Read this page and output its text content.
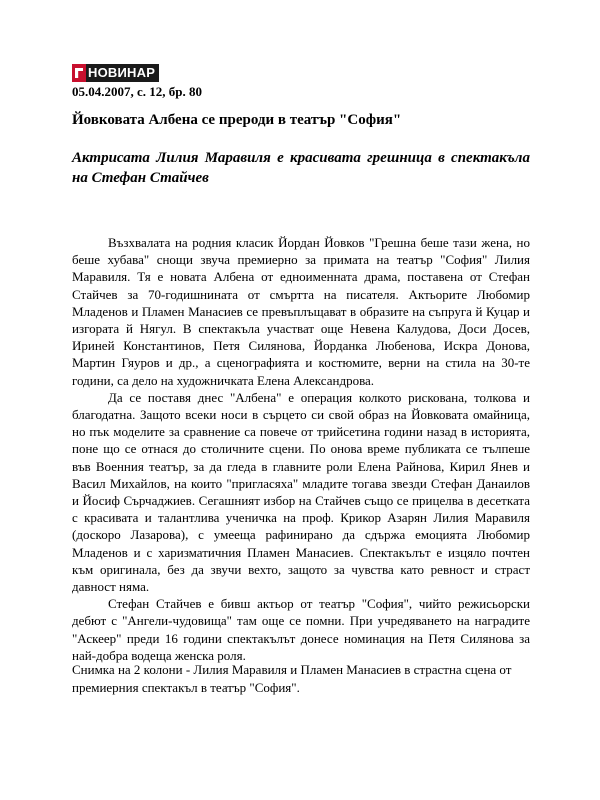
НОВИНАР
05.04.2007, с. 12, бр. 80
Йовковата Албена се прероди в театър "София"
Актрисата Лилия Маравиля е красивата грешница в спектакъла на Стефан Стайчев

Възхвалата на родния класик Йордан Йовков "Грешна беше тази жена, но беше хубава" снощи звуча премиерно за примата на театър "София" Лилия Маравиля. Тя е новата Албена от едноименната драма, поставена от Стефан Стайчев за 70-годишнината от смъртта на писателя. Актьорите Любомир Младенов и Пламен Манасиев се превъплъщават в образите на съпруга й Куцар и изгората й Нягул. В спектакъла участват още Невена Калудова, Доси Досев, Ириней Константинов, Петя Силянова, Йорданка Любенова, Искра Донова, Мартин Гяуров и др., а сценографията и костюмите, верни на стила на 30-те години, са дело на художничката Елена Александрова.

Да се поставя днес "Албена" е операция колкото рискована, толкова и благодатна. Защото всеки носи в сърцето си свой образ на Йовковата омайница, но пък моделите за сравнение са повече от трийсетина години назад в историята, поне що се отнася до столичните сцени. По онова време публиката се тълпеше във Военния театър, за да гледа в главните роли Елена Райнова, Кирил Янев и Васил Михайлов, на които "пригласяха" младите тогава звезди Стефан Данаилов и Йосиф Сърчаджиев. Сегашният избор на Стайчев също се прицелва в десетката с красивата и талантлива ученичка на проф. Крикор Азарян Лилия Маравиля (доскоро Лазарова), с умееща рафинирано да сдържа емоцията Любомир Младенов и с харизматичния Пламен Манасиев. Спектакълът е изцяло почтен към оригинала, без да звучи вехто, защото за чувства като ревност и страст давност няма.

Стефан Стайчев е бивш актьор от театър "София", чийто режисьорски дебют с "Ангели-чудовища" там още се помни. При учредяването на наградите "Аскеер" преди 16 години спектакълът донесе номинация на Петя Силянова за най-добра водеща женска роля.

Снимка на 2 колони - Лилия Маравиля и Пламен Манасиев в страстна сцена от премиерния спектакъл в театър "София".
